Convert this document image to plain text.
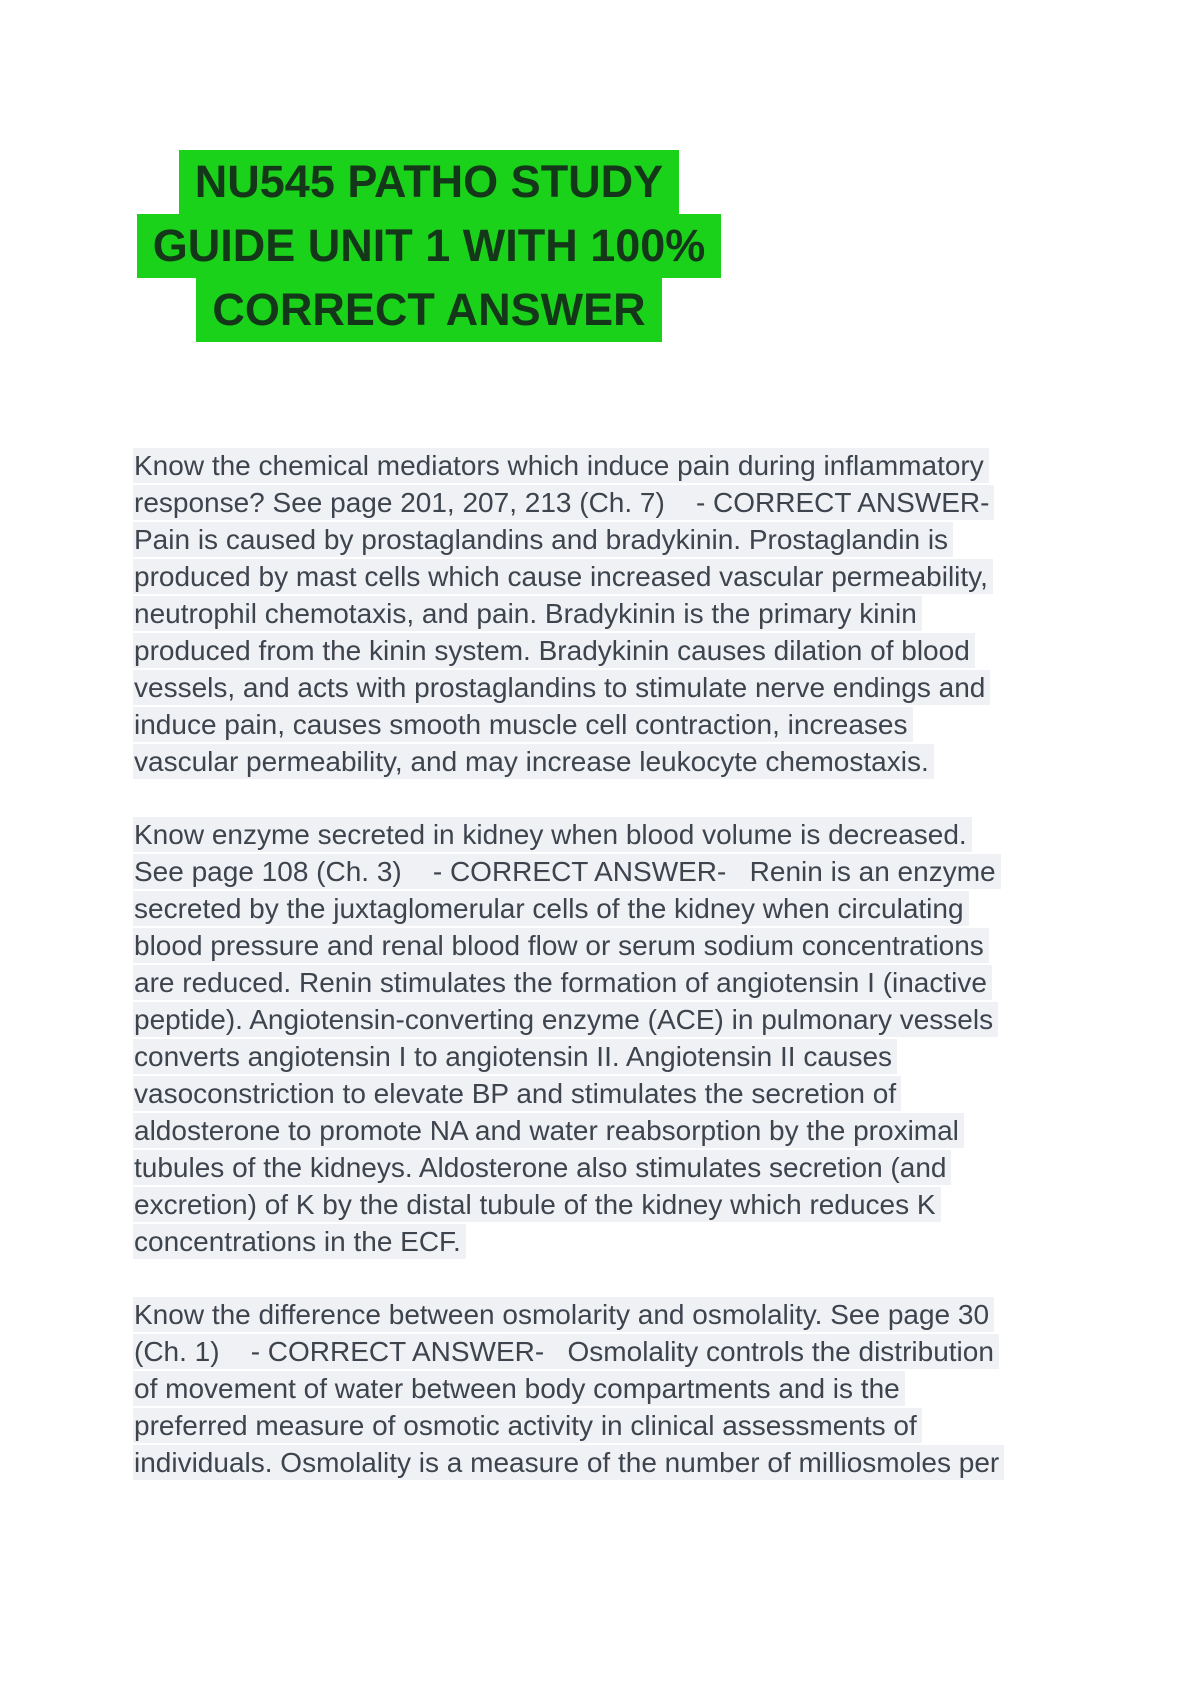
NU545 PATHO STUDY
GUIDE UNIT 1 WITH 100%
CORRECT ANSWER
Know the chemical mediators which induce pain during inflammatory
response? See page 201, 207, 213 (Ch. 7)    - CORRECT ANSWER-
Pain is caused by prostaglandins and bradykinin. Prostaglandin is
produced by mast cells which cause increased vascular permeability,
neutrophil chemotaxis, and pain. Bradykinin is the primary kinin
produced from the kinin system. Bradykinin causes dilation of blood
vessels, and acts with prostaglandins to stimulate nerve endings and
induce pain, causes smooth muscle cell contraction, increases
vascular permeability, and may increase leukocyte chemostaxis.
Know enzyme secreted in kidney when blood volume is decreased.
See page 108 (Ch. 3)    - CORRECT ANSWER-   Renin is an enzyme
secreted by the juxtaglomerular cells of the kidney when circulating
blood pressure and renal blood flow or serum sodium concentrations
are reduced. Renin stimulates the formation of angiotensin I (inactive
peptide). Angiotensin-converting enzyme (ACE) in pulmonary vessels
converts angiotensin I to angiotensin II. Angiotensin II causes
vasoconstriction to elevate BP and stimulates the secretion of
aldosterone to promote NA and water reabsorption by the proximal
tubules of the kidneys. Aldosterone also stimulates secretion (and
excretion) of K by the distal tubule of the kidney which reduces K
concentrations in the ECF.
Know the difference between osmolarity and osmolality. See page 30
(Ch. 1)    - CORRECT ANSWER-   Osmolality controls the distribution
of movement of water between body compartments and is the
preferred measure of osmotic activity in clinical assessments of
individuals. Osmolality is a measure of the number of milliosmoles per
